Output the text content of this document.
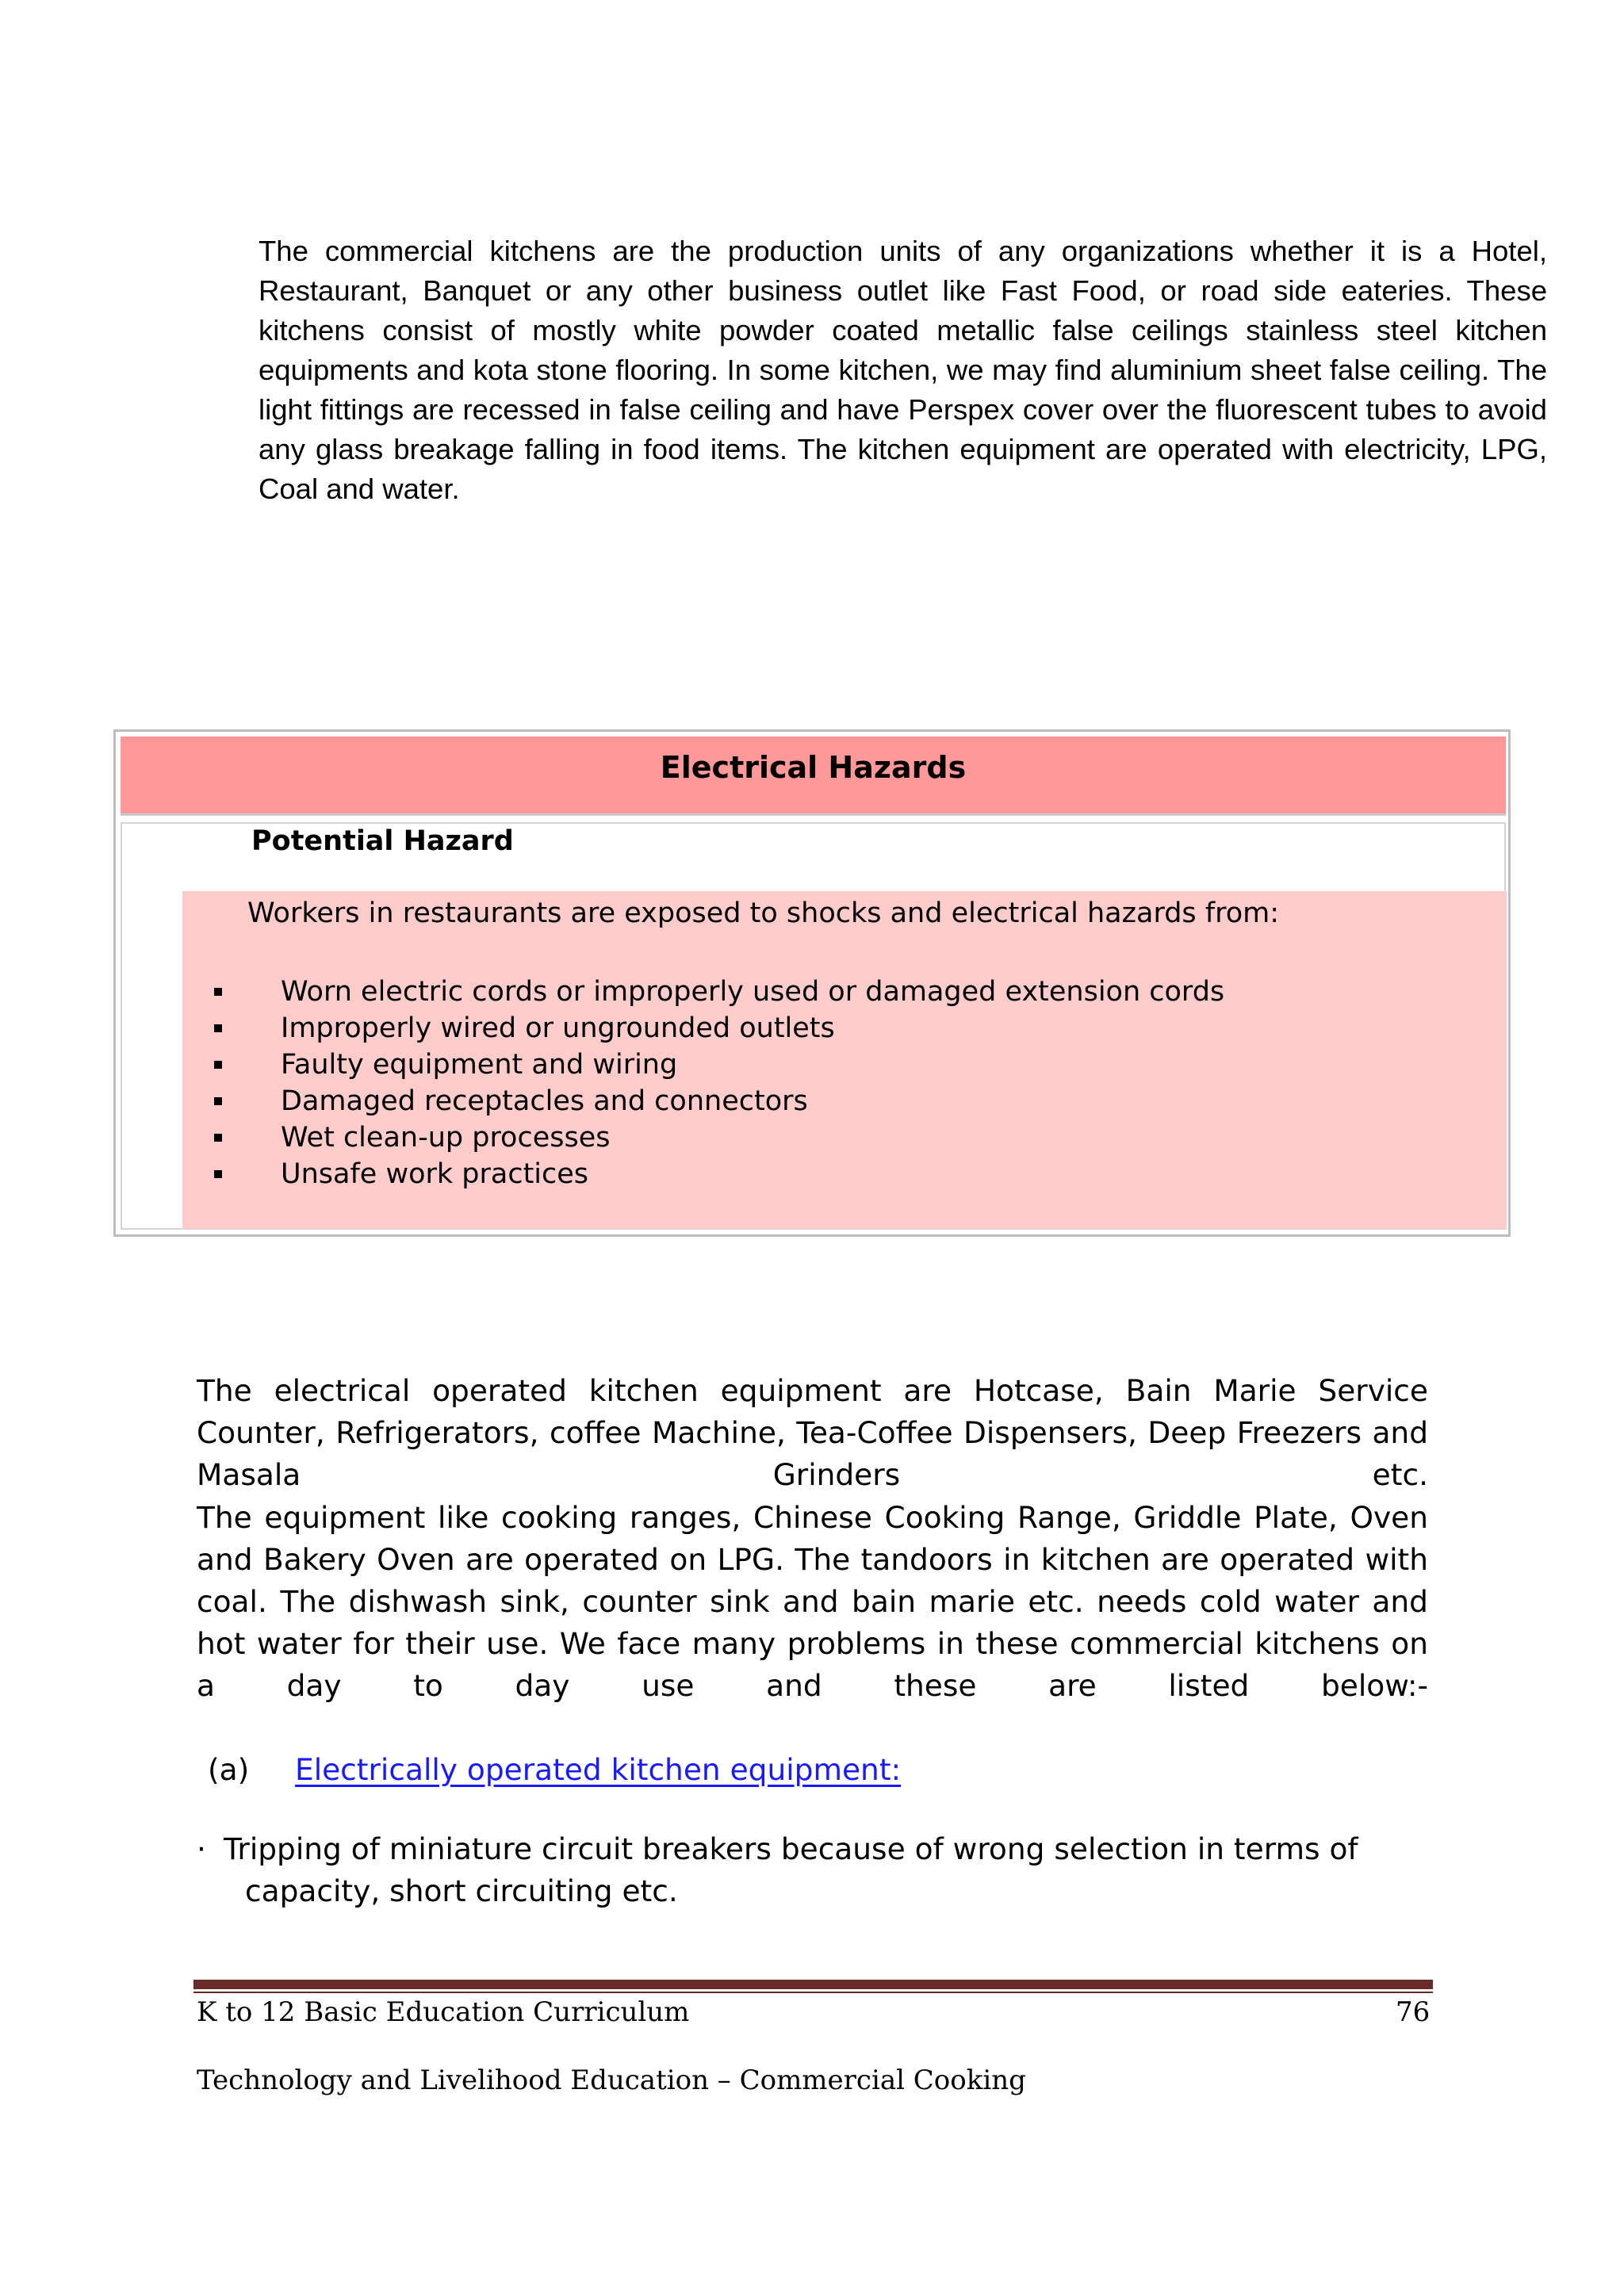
The commercial kitchens are the production units of any organizations whether it is a Hotel, Restaurant, Banquet or any other business outlet like Fast Food, or road side eateries. These kitchens consist of mostly white powder coated metallic false ceilings stainless steel kitchen equipments and kota stone flooring. In some kitchen, we may find aluminium sheet false ceiling. The light fittings are recessed in false ceiling and have Perspex cover over the fluorescent tubes to avoid any glass breakage falling in food items. The kitchen equipment are operated with electricity, LPG, Coal and water.

Electrical Hazards

Potential Hazard

Workers in restaurants are exposed to shocks and electrical hazards from:

Worn electric cords or improperly used or damaged extension cords
Improperly wired or ungrounded outlets
Faulty equipment and wiring
Damaged receptacles and connectors
Wet clean-up processes
Unsafe work practices

The electrical operated kitchen equipment are Hotcase, Bain Marie Service Counter, Refrigerators, coffee Machine, Tea-Coffee Dispensers, Deep Freezers and Masala Grinders etc.

The equipment like cooking ranges, Chinese Cooking Range, Griddle Plate, Oven and Bakery Oven are operated on LPG. The tandoors in kitchen are operated with coal. The dishwash sink, counter sink and bain marie etc. needs cold water and hot water for their use. We face many problems in these commercial kitchens on a day to day use and these are listed below:-

(a) Electrically operated kitchen equipment:

· Tripping of miniature circuit breakers because of wrong selection in terms of
capacity, short circuiting etc.

K to 12 Basic Education Curriculum	76

Technology and Livelihood Education – Commercial Cooking
